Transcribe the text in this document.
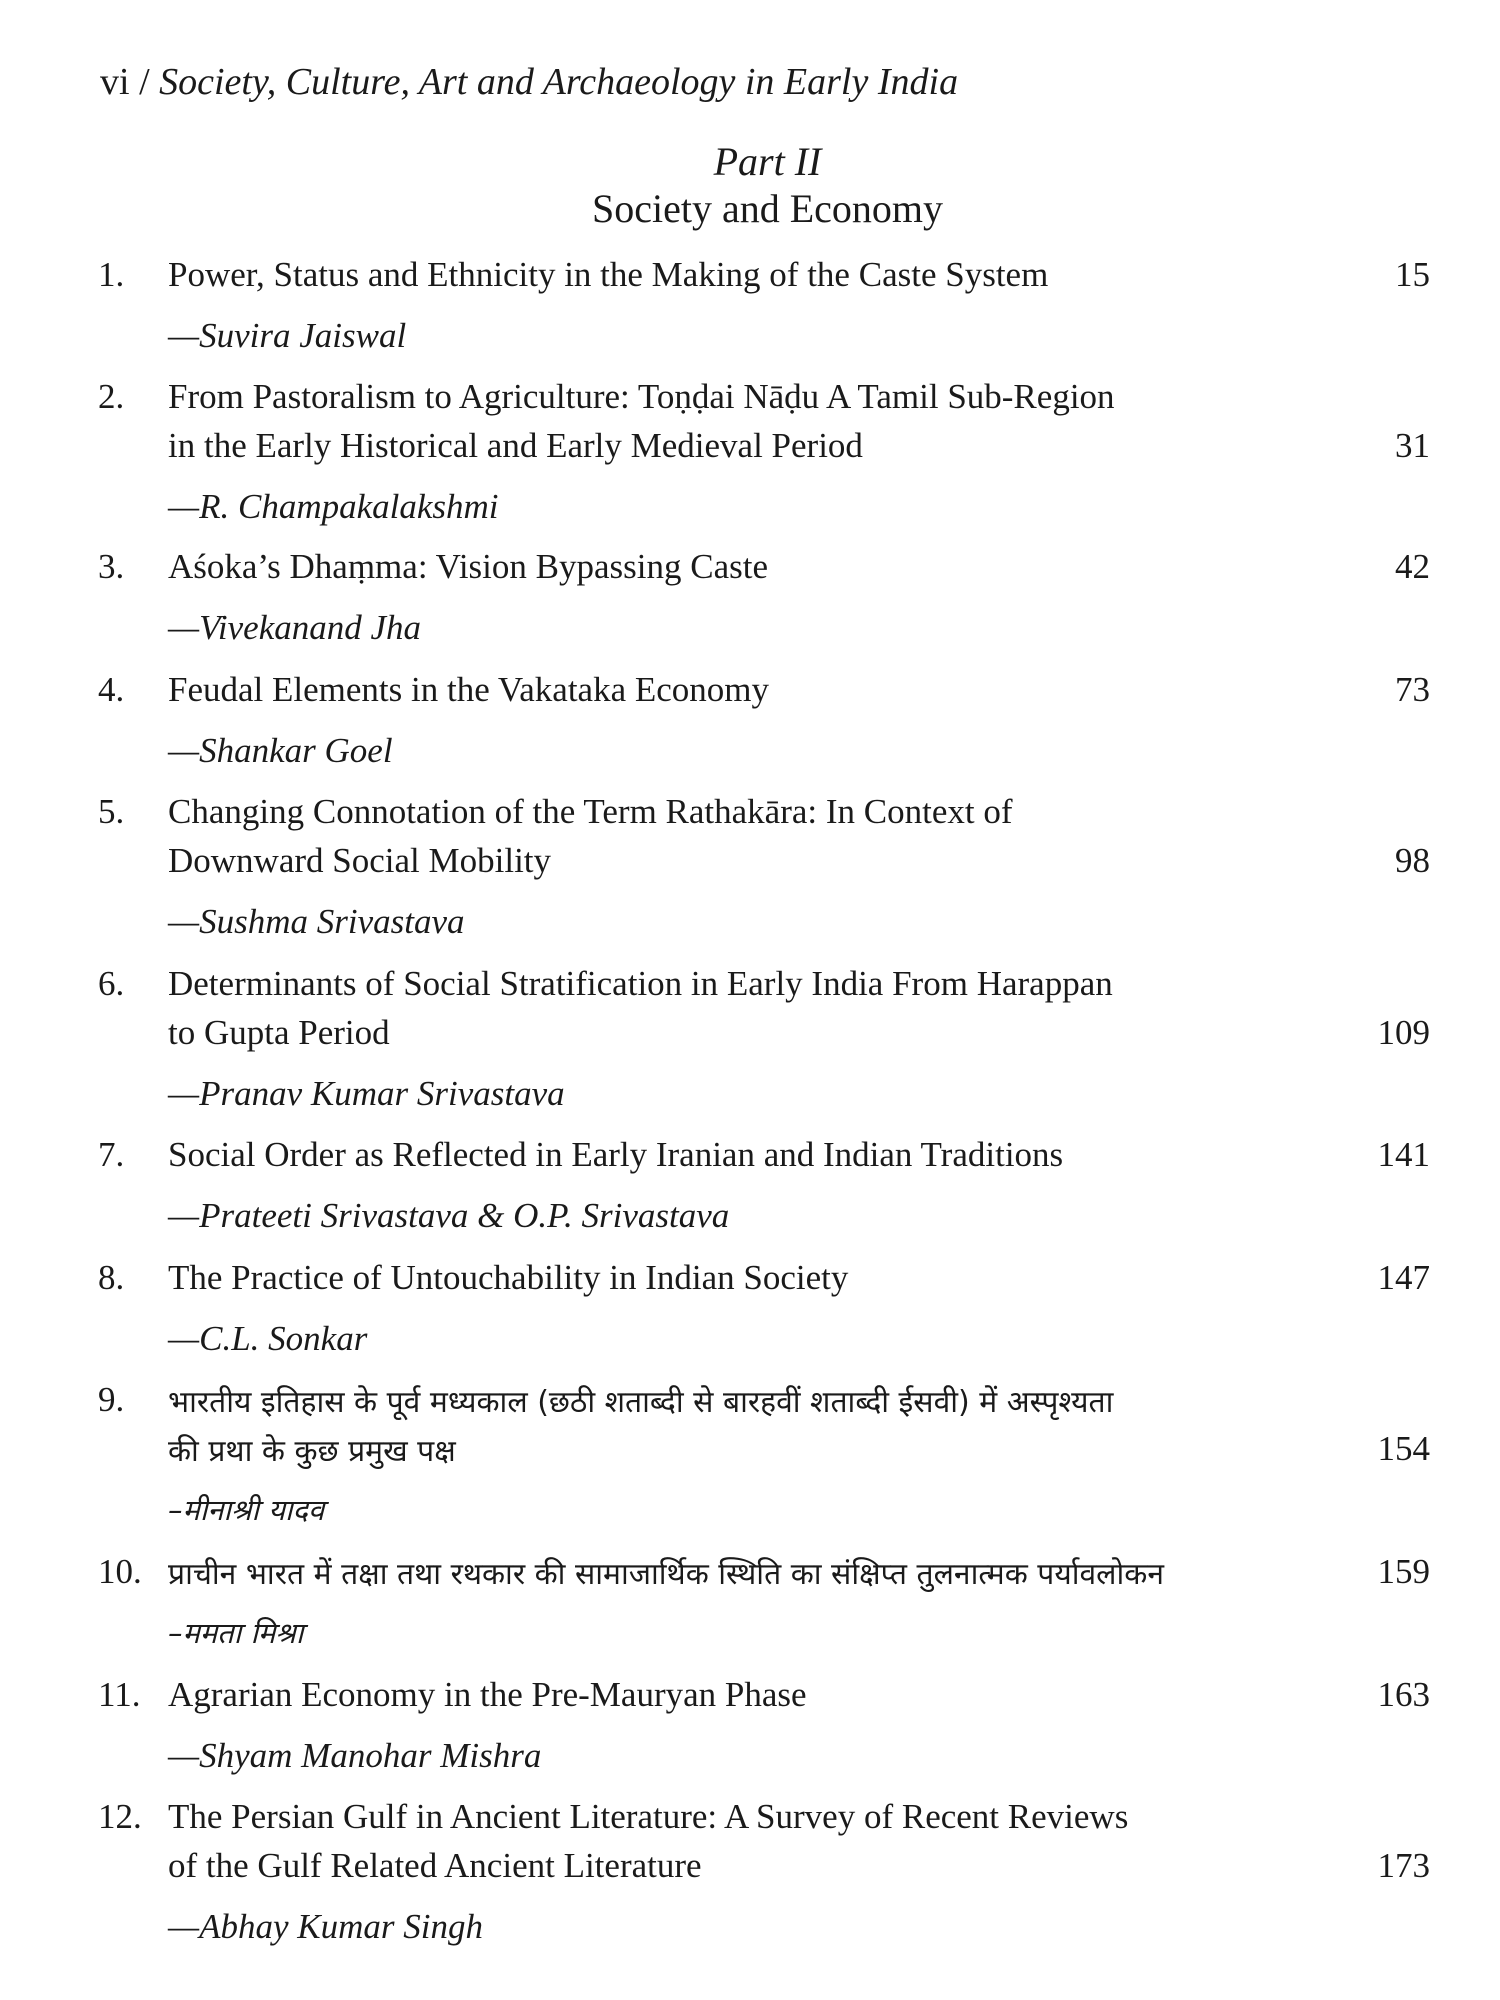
vi / Society, Culture, Art and Archaeology in Early India
Part II
Society and Economy
1. Power, Status and Ethnicity in the Making of the Caste System	15
—Suvira Jaiswal
2. From Pastoralism to Agriculture: Toṇḍai Nāḍu A Tamil Sub-Region
in the Early Historical and Early Medieval Period	31
—R. Champakalakshmi
3. Aśoka’s Dhaṃma: Vision Bypassing Caste	42
—Vivekanand Jha
4. Feudal Elements in the Vakataka Economy	73
—Shankar Goel
5. Changing Connotation of the Term Rathakāra: In Context of
Downward Social Mobility	98
—Sushma Srivastava
6. Determinants of Social Stratification in Early India From Harappan
to Gupta Period	109
—Pranav Kumar Srivastava
7. Social Order as Reflected in Early Iranian and Indian Traditions	141
—Prateeti Srivastava & O.P. Srivastava
8. The Practice of Untouchability in Indian Society	147
—C.L. Sonkar
9. भारतीय इतिहास के पूर्व मध्यकाल (छठी शताब्दी से बारहवीं शताब्दी ईसवी) में अस्पृश्यता
की प्रथा के कुछ प्रमुख पक्ष	154
–मीनाश्री यादव
10. प्राचीन भारत में तक्षा तथा रथकार की सामाजार्थिक स्थिति का संक्षिप्त तुलनात्मक पर्यावलोकन	159
–ममता मिश्रा
11. Agrarian Economy in the Pre-Mauryan Phase	163
—Shyam Manohar Mishra
12. The Persian Gulf in Ancient Literature: A Survey of Recent Reviews
of the Gulf Related Ancient Literature	173
—Abhay Kumar Singh
